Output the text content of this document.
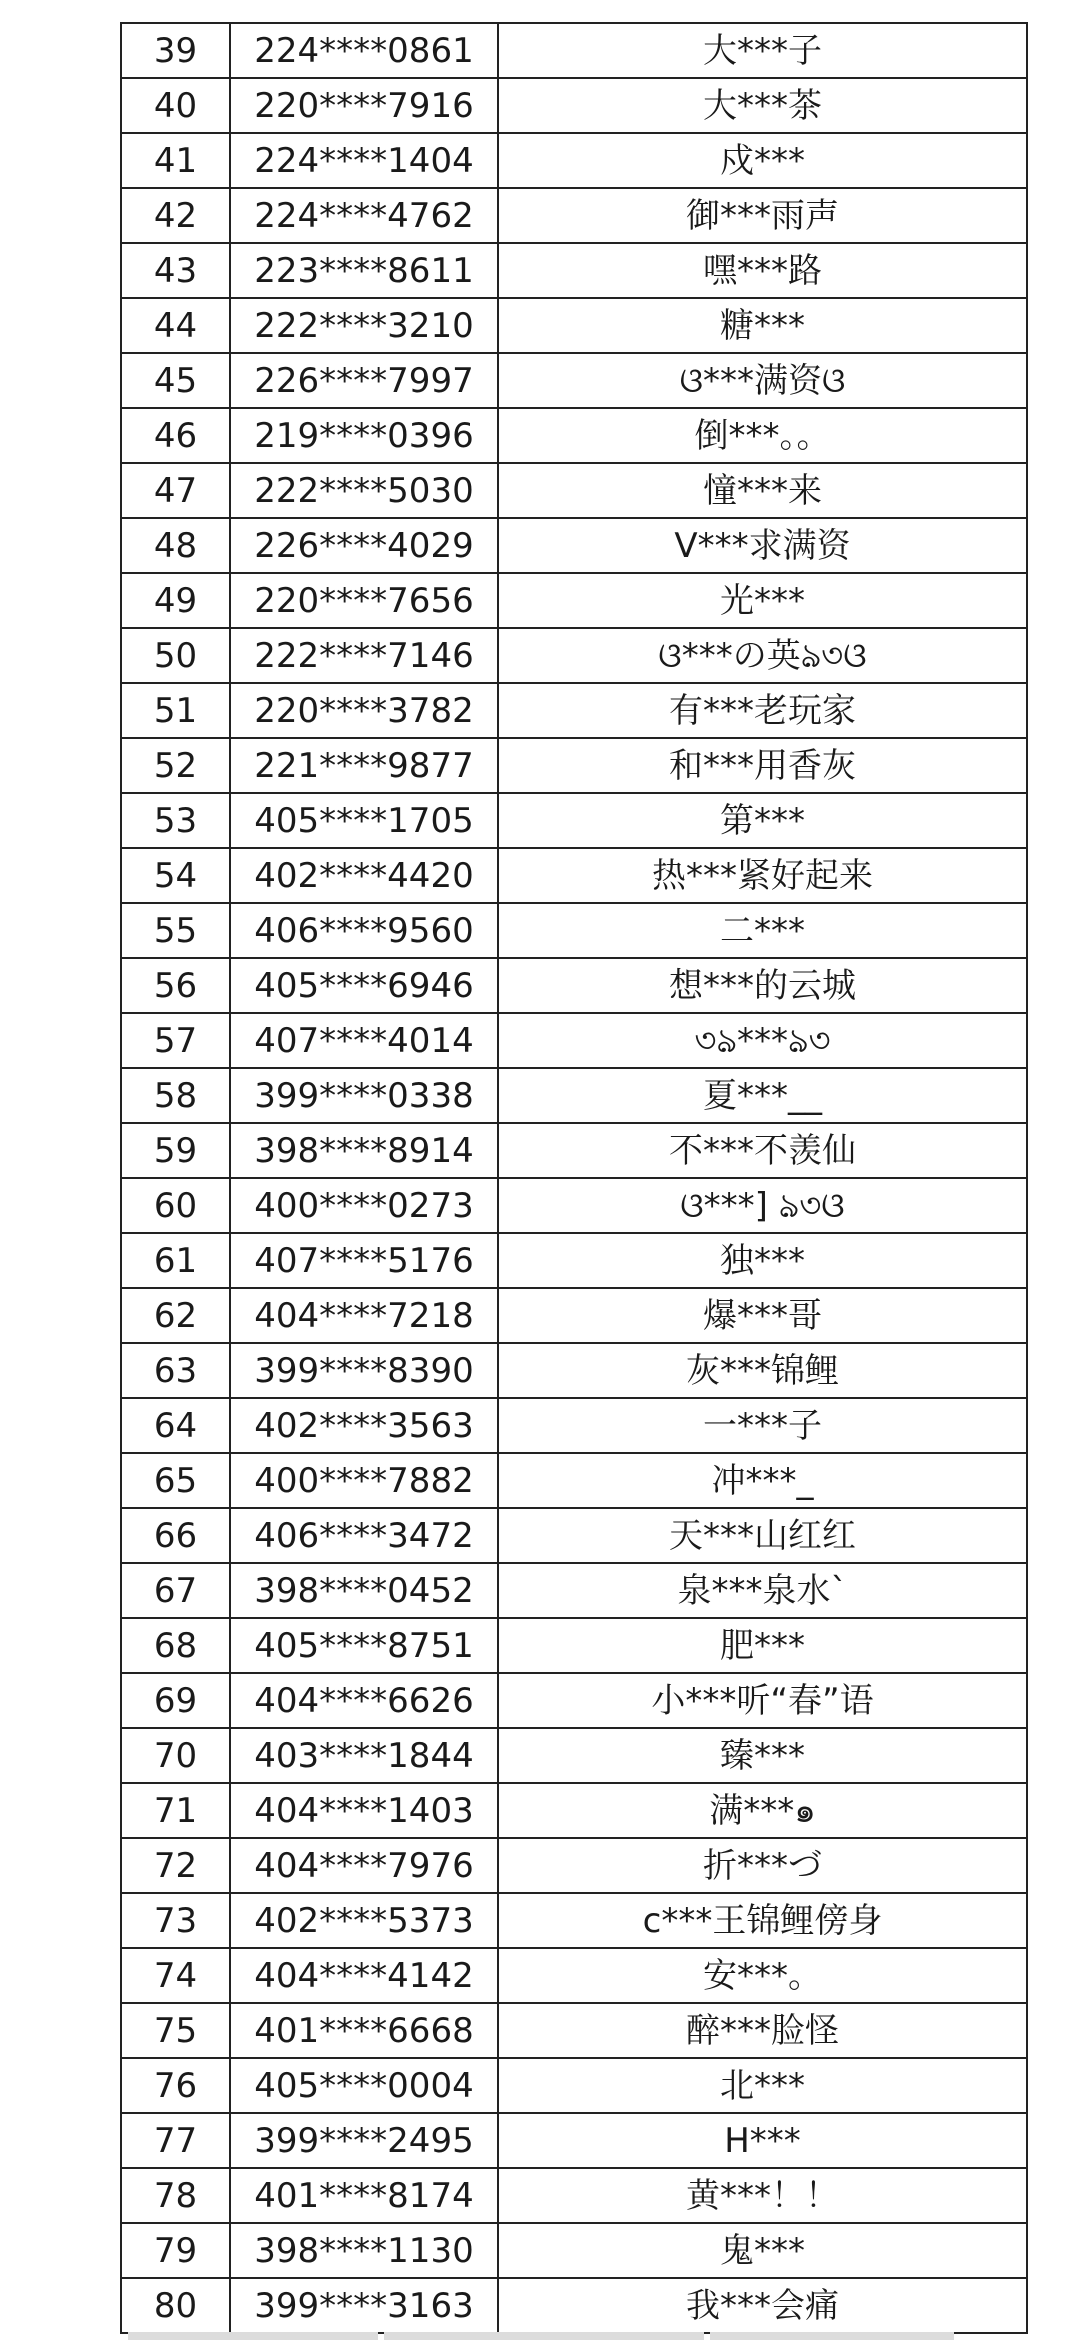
39	224****0861	大***子
40	220****7916	大***茶
41	224****1404	戍***
42	224****4762	御***雨声
43	223****8611	嘿***路
44	222****3210	糖***
45	226****7997	ଓ***满资ଓ
46	219****0396	倒***。。
47	222****5030	憧***来
48	226****4029	V***求满资
49	220****7656	光***
50	222****7146	ଓ***の英ঌ৩ଓ
51	220****3782	有***老玩家
52	221****9877	和***用香灰
53	405****1705	第***
54	402****4420	热***紧好起来
55	406****9560	二***
56	405****6946	想***的云城
57	407****4014	৩ঌ***ঌ৩
58	399****0338	夏***__
59	398****8914	不***不羡仙
60	400****0273	ଓ***] ঌ৩ଓ
61	407****5176	独***
62	404****7218	爆***哥
63	399****8390	灰***锦鲤
64	402****3563	一***子
65	400****7882	冲***_
66	406****3472	天***山红红
67	398****0452	泉***泉水`
68	405****8751	肥***
69	404****6626	小***听“春”语
70	403****1844	臻***
71	404****1403	满***๑
72	404****7976	折***づ
73	402****5373	c***王锦鲤傍身
74	404****4142	安***。
75	401****6668	醉***脸怪
76	405****0004	北***
77	399****2495	H***
78	401****8174	黄***！！
79	398****1130	鬼***
80	399****3163	我***会痛
